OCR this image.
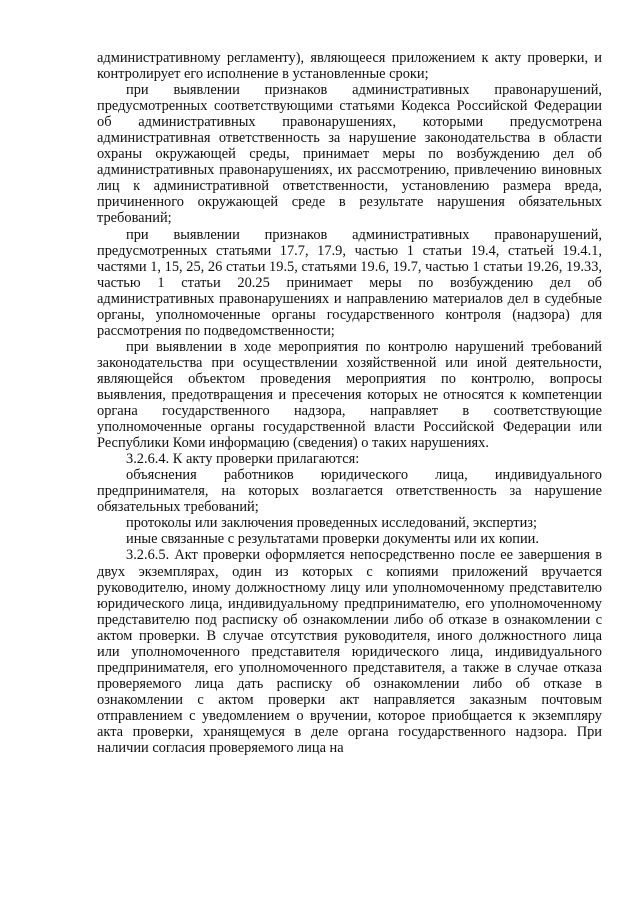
административному регламенту), являющееся приложением к акту проверки, и контролирует его исполнение в установленные сроки;

при выявлении признаков административных правонарушений, предусмотренных соответствующими статьями Кодекса Российской Федерации об административных правонарушениях, которыми предусмотрена административная ответственность за нарушение законодательства в области охраны окружающей среды, принимает меры по возбуждению дел об административных правонарушениях, их рассмотрению, привлечению виновных лиц к административной ответственности, установлению размера вреда, причиненного окружающей среде в результате нарушения обязательных требований;

при выявлении признаков административных правонарушений, предусмотренных статьями 17.7, 17.9, частью 1 статьи 19.4, статьей 19.4.1, частями 1, 15, 25, 26 статьи 19.5, статьями 19.6, 19.7, частью 1 статьи 19.26, 19.33, частью 1 статьи 20.25 принимает меры по возбуждению дел об административных правонарушениях и направлению материалов дел в судебные органы, уполномоченные органы государственного контроля (надзора) для рассмотрения по подведомственности;

при выявлении в ходе мероприятия по контролю нарушений требований законодательства при осуществлении хозяйственной или иной деятельности, являющейся объектом проведения мероприятия по контролю, вопросы выявления, предотвращения и пресечения которых не относятся к компетенции органа государственного надзора, направляет в соответствующие уполномоченные органы государственной власти Российской Федерации или Республики Коми информацию (сведения) о таких нарушениях.

3.2.6.4. К акту проверки прилагаются:

объяснения работников юридического лица, индивидуального предпринимателя, на которых возлагается ответственность за нарушение обязательных требований;

протоколы или заключения проведенных исследований, экспертиз;

иные связанные с результатами проверки документы или их копии.

3.2.6.5. Акт проверки оформляется непосредственно после ее завершения в двух экземплярах, один из которых с копиями приложений вручается руководителю, иному должностному лицу или уполномоченному представителю юридического лица, индивидуальному предпринимателю, его уполномоченному представителю под расписку об ознакомлении либо об отказе в ознакомлении с актом проверки. В случае отсутствия руководителя, иного должностного лица или уполномоченного представителя юридического лица, индивидуального предпринимателя, его уполномоченного представителя, а также в случае отказа проверяемого лица дать расписку об ознакомлении либо об отказе в ознакомлении с актом проверки акт направляется заказным почтовым отправлением с уведомлением о вручении, которое приобщается к экземпляру акта проверки, хранящемуся в деле органа государственного надзора. При наличии согласия проверяемого лица на
